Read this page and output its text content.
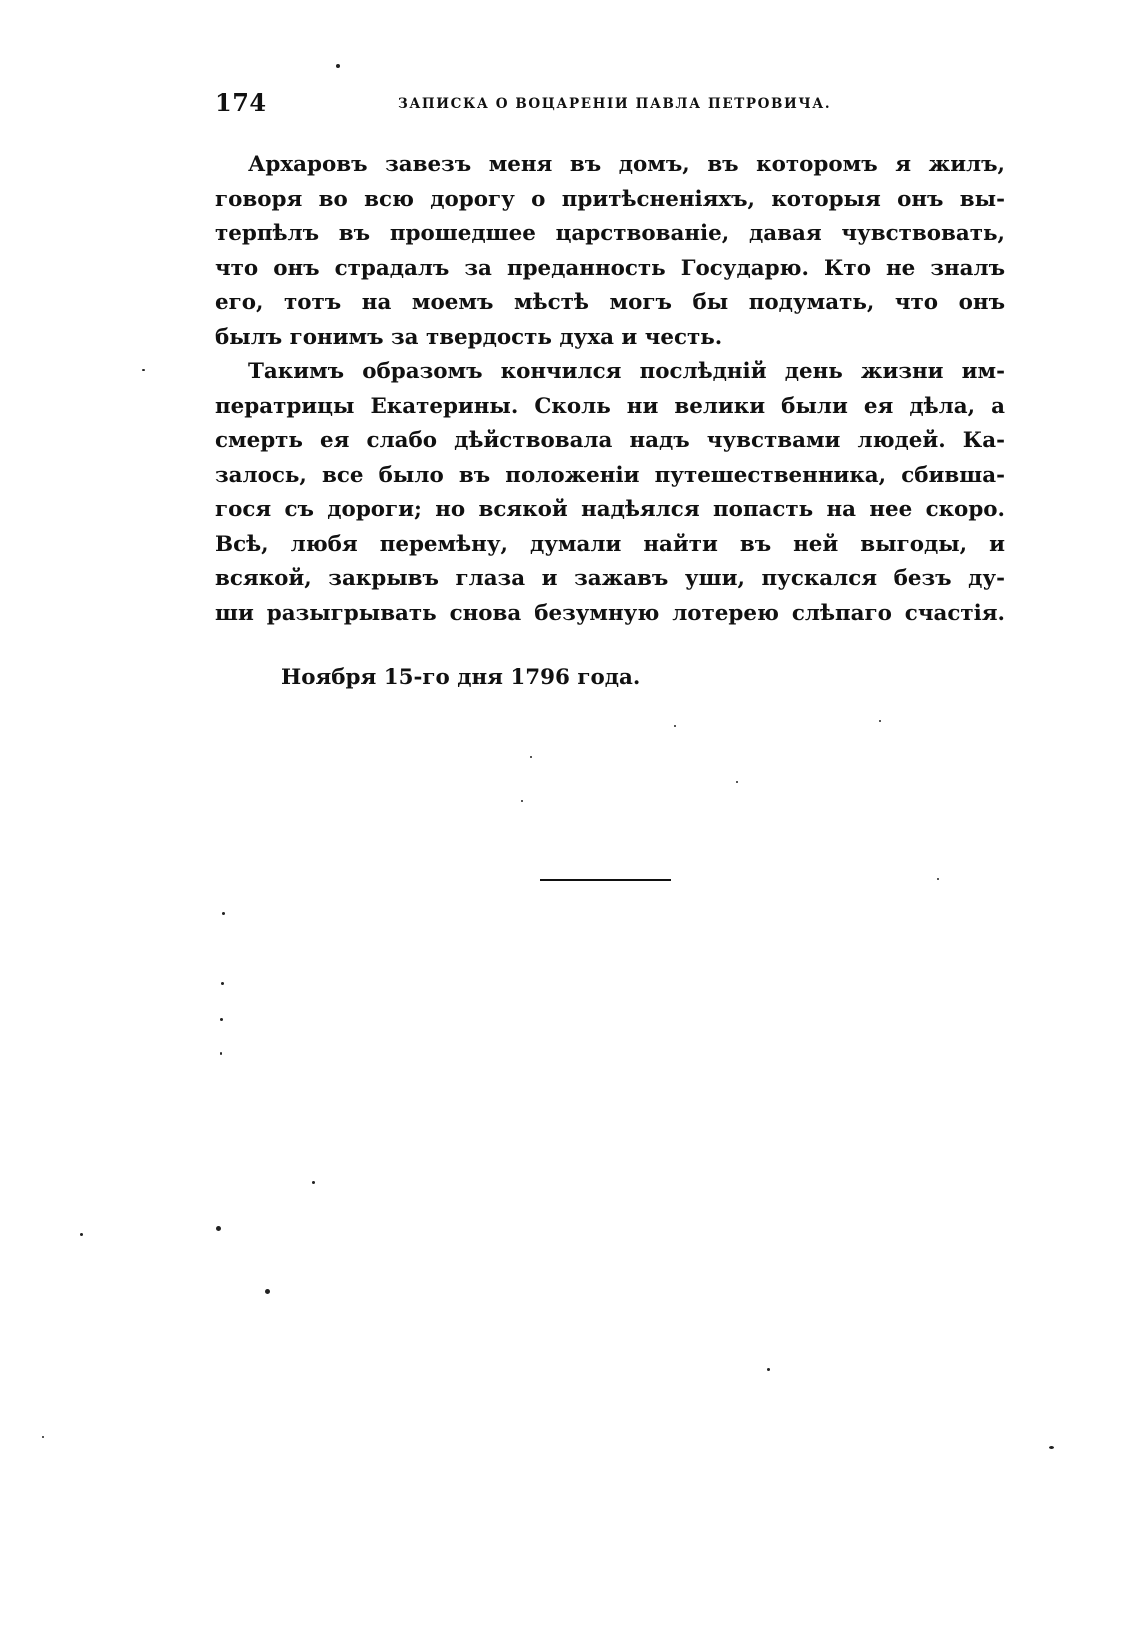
174	ЗАПИСКА О ВОЦАРЕНІИ ПАВЛА ПЕТРОВИЧА.
Архаровъ завезъ меня въ домъ, въ которомъ я жилъ,
говоря во всю дорогу о притѣсненіяхъ, которыя онъ вы-
терпѣлъ въ прошедшее царствованіе, давая чувствовать,
что онъ страдалъ за преданность Государю. Кто не зналъ
его, тотъ на моемъ мѣстѣ могъ бы подумать, что онъ
былъ гонимъ за твердость духа и честь.
Такимъ образомъ кончился послѣдній день жизни им-
ператрицы Екатерины. Сколь ни велики были ея дѣла, а
смерть ея слабо дѣйствовала надъ чувствами людей. Ка-
залось, все было въ положеніи путешественника, сбивша-
гося съ дороги; но всякой надѣялся попасть на нее скоро.
Всѣ, любя перемѣну, думали найти въ ней выгоды, и
всякой, закрывъ глаза и зажавъ уши, пускался безъ ду-
ши разыгрывать снова безумную лотерею слѣпаго счастія.
Ноября 15-го дня 1796 года.
